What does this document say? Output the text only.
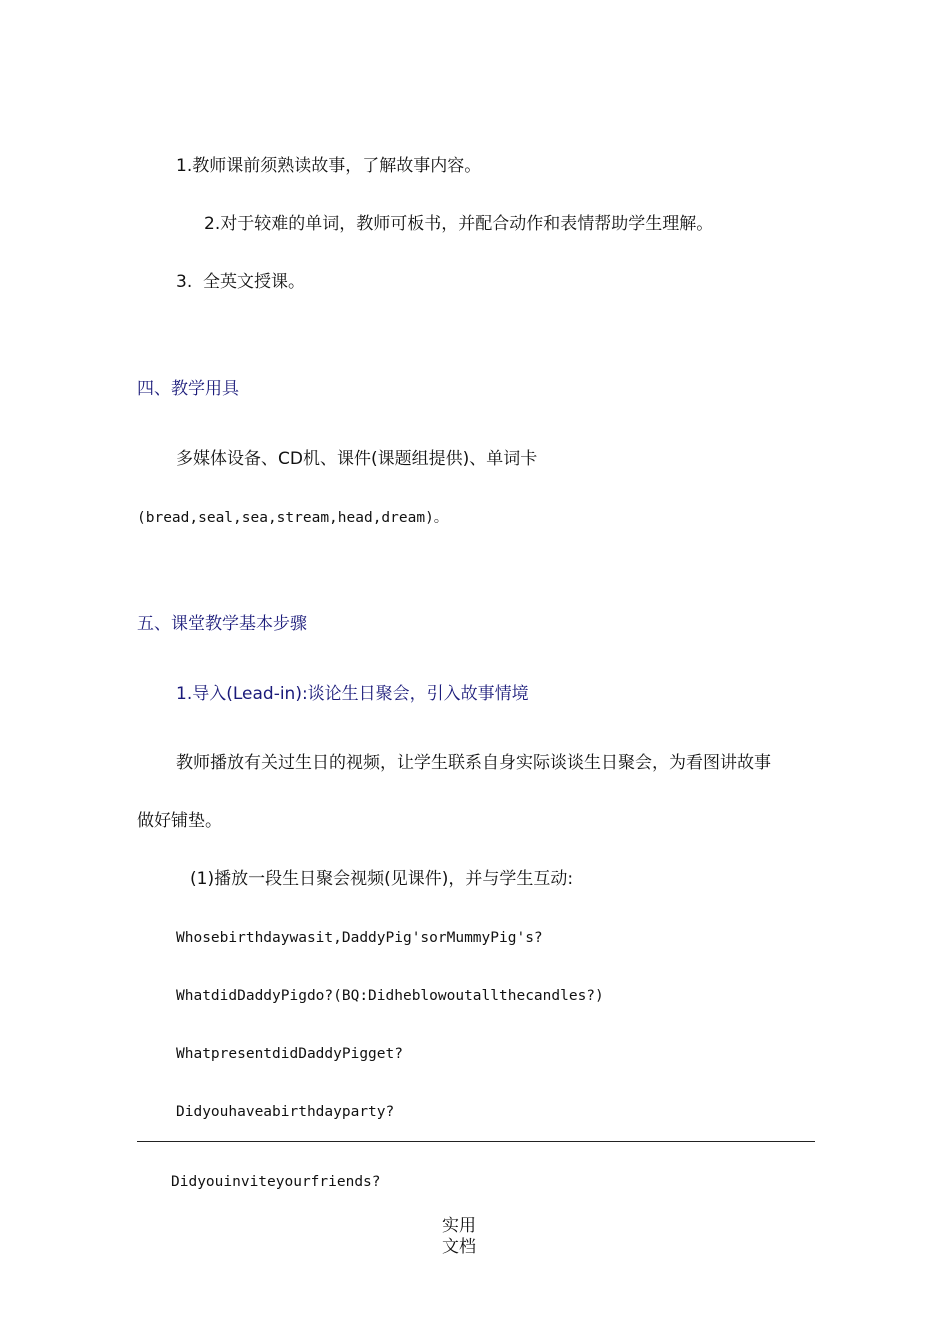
1.教师课前须熟读故事，了解故事内容。
2.对于较难的单词，教师可板书，并配合动作和表情帮助学生理解。
3.  全英文授课。
四、教学用具
多媒体设备、CD机、课件(课题组提供)、单词卡
(bread,seal,sea,stream,head,dream)。
五、课堂教学基本步骤
1.导入(Lead-in):谈论生日聚会，引入故事情境
教师播放有关过生日的视频，让学生联系自身实际谈谈生日聚会，为看图讲故事
做好铺垫。
(1)播放一段生日聚会视频(见课件)，并与学生互动:
Whosebirthdaywasit,DaddyPig'sorMummyPig's?
WhatdidDaddyPigdo?(BQ:Didheblowoutallthecandles?)
WhatpresentdidDaddyPigget?
Didyouhaveabirthdayparty?
Didyouinviteyourfriends?
实用
文档
